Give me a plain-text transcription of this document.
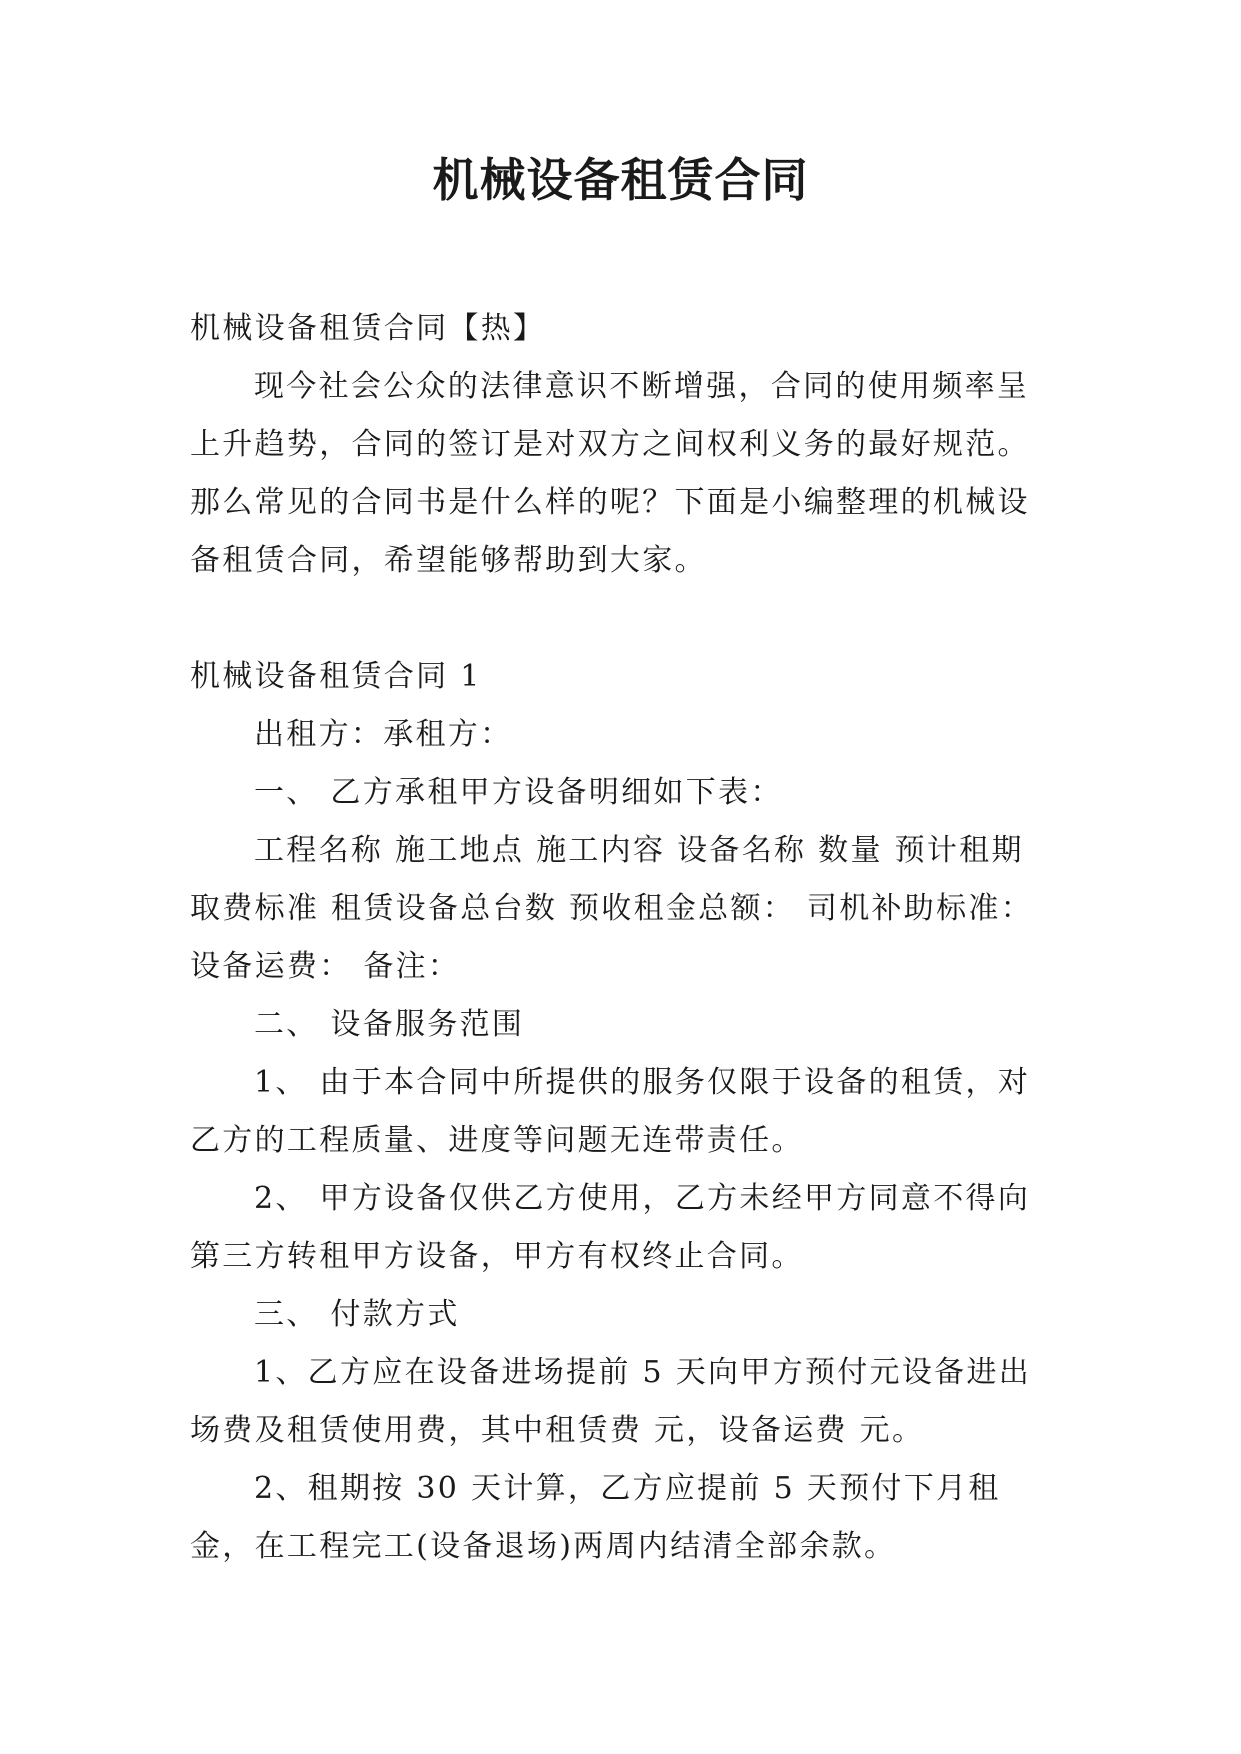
机械设备租赁合同

机械设备租赁合同【热】

现今社会公众的法律意识不断增强，合同的使用频率呈上升趋势，合同的签订是对双方之间权利义务的最好规范。那么常见的合同书是什么样的呢？下面是小编整理的机械设备租赁合同，希望能够帮助到大家。

机械设备租赁合同 1

出租方：承租方：

一、 乙方承租甲方设备明细如下表：

工程名称 施工地点 施工内容 设备名称 数量 预计租期 取费标准 租赁设备总台数 预收租金总额： 司机补助标准： 设备运费： 备注：

二、 设备服务范围

1、 由于本合同中所提供的服务仅限于设备的租赁，对乙方的工程质量、进度等问题无连带责任。

2、 甲方设备仅供乙方使用，乙方未经甲方同意不得向第三方转租甲方设备，甲方有权终止合同。

三、 付款方式

1、乙方应在设备进场提前 5 天向甲方预付元设备进出场费及租赁使用费，其中租赁费 元，设备运费 元。

2、租期按 30 天计算，乙方应提前 5 天预付下月租金，在工程完工(设备退场)两周内结清全部余款。
